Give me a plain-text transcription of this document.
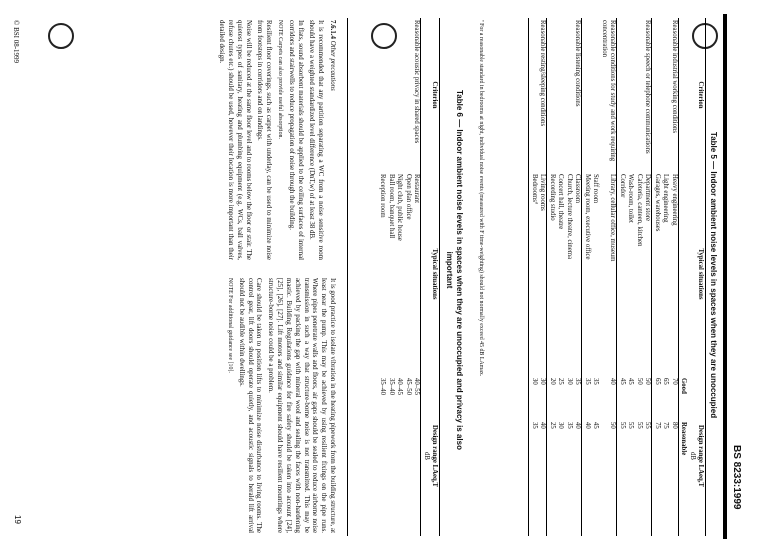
BS 8233:1999
Table 5 — Indoor ambient noise levels in spaces when they are unoccupied
Criterion	Typical situations	Design range LAeq,T	
		dB	
		Good	Reasonable
Reasonable industrial working conditions	Heavy engineering	70	80
	Light engineering	65	75
	Garages, warehouses	65	75
Reasonable speech or telephone communications	Department store	50	55
	Cafeteria, canteen, kitchen	50	55
	Wash-room, toilet	45	55
	Corridor	45	55
Reasonable conditions for study and work requiring concentration	Library, cellular office, museum	40	50
	Staff room	35	45
	Meeting room, executive office	35	40
Reasonable listening conditions	Classroom	35	40
	Church, lecture theatre, cinema	30	35
	Concert hall, theatre	25	30
	Recording studio	20	25
Reasonable resting/sleeping conditions	Living rooms	30	40
	Bedroomsª	30	35
ª For a reasonable standard in bedrooms at night, individual noise events (measured with F time-weighting) should not normally exceed 45 dB LAmax.
Table 6 — Indoor ambient noise levels in spaces when they are unoccupied and privacy is also important
Criterion	Typical situations	Design range LAeq,T
dB
Reasonable acoustic privacy in shared spaces	Restaurant	40–55
	Open plan office	45–50
	Night club, public house	40–45
	Ball room, banquet hall	35–40
	Reception room	35–40

7.6.1.4 Other precautions

It is recommended that any partition separating a WC from a noise sensitive room should have a weighted standardized level difference (DnT,w) of at least 38 dB.

In flats, sound absorbent materials should be applied to the ceiling surfaces of internal corridors and stairwells to reduce propagation of noise through the building.

NOTE Carpets can also provide useful absorption.

Resilient floor coverings, such as carpet with underlay, can be used to minimize noise from footsteps in corridors and on landings.

Noise will be reduced at the same floor level and to rooms below the floor or stair. The quietest types of sanitary, heating and plumbing equipment (e.g. WCs, ball valves, refuse chutes etc.) should be used, however their location is more important than their detailed design.

It is good practice to isolate vibration in the heating pipework from the building structure, at least near the pump. This may be achieved by using resilient fixings on the pipe runs. Where pipes penetrate walls and floors, air gaps should be sealed to reduce airborne noise transmission in such a way that structure-borne noise is not transmitted. This may be achieved by packing the gap with mineral wool and sealing the faces with non-hardening mastic. Building Regulations guidance for fire safety should be taken into account [24], [25], [26], [27]. Lift motors and similar equipment should have resilient mountings where structure-borne noise could be a problem.

Care should be taken to position lifts to minimize noise disturbance to living rooms. The control gear, lift doors should operate quietly, and acoustic signals to herald lift arrival should not be audible within dwellings.

NOTE For additional guidance see [10].

© BSI 08-1999
19
